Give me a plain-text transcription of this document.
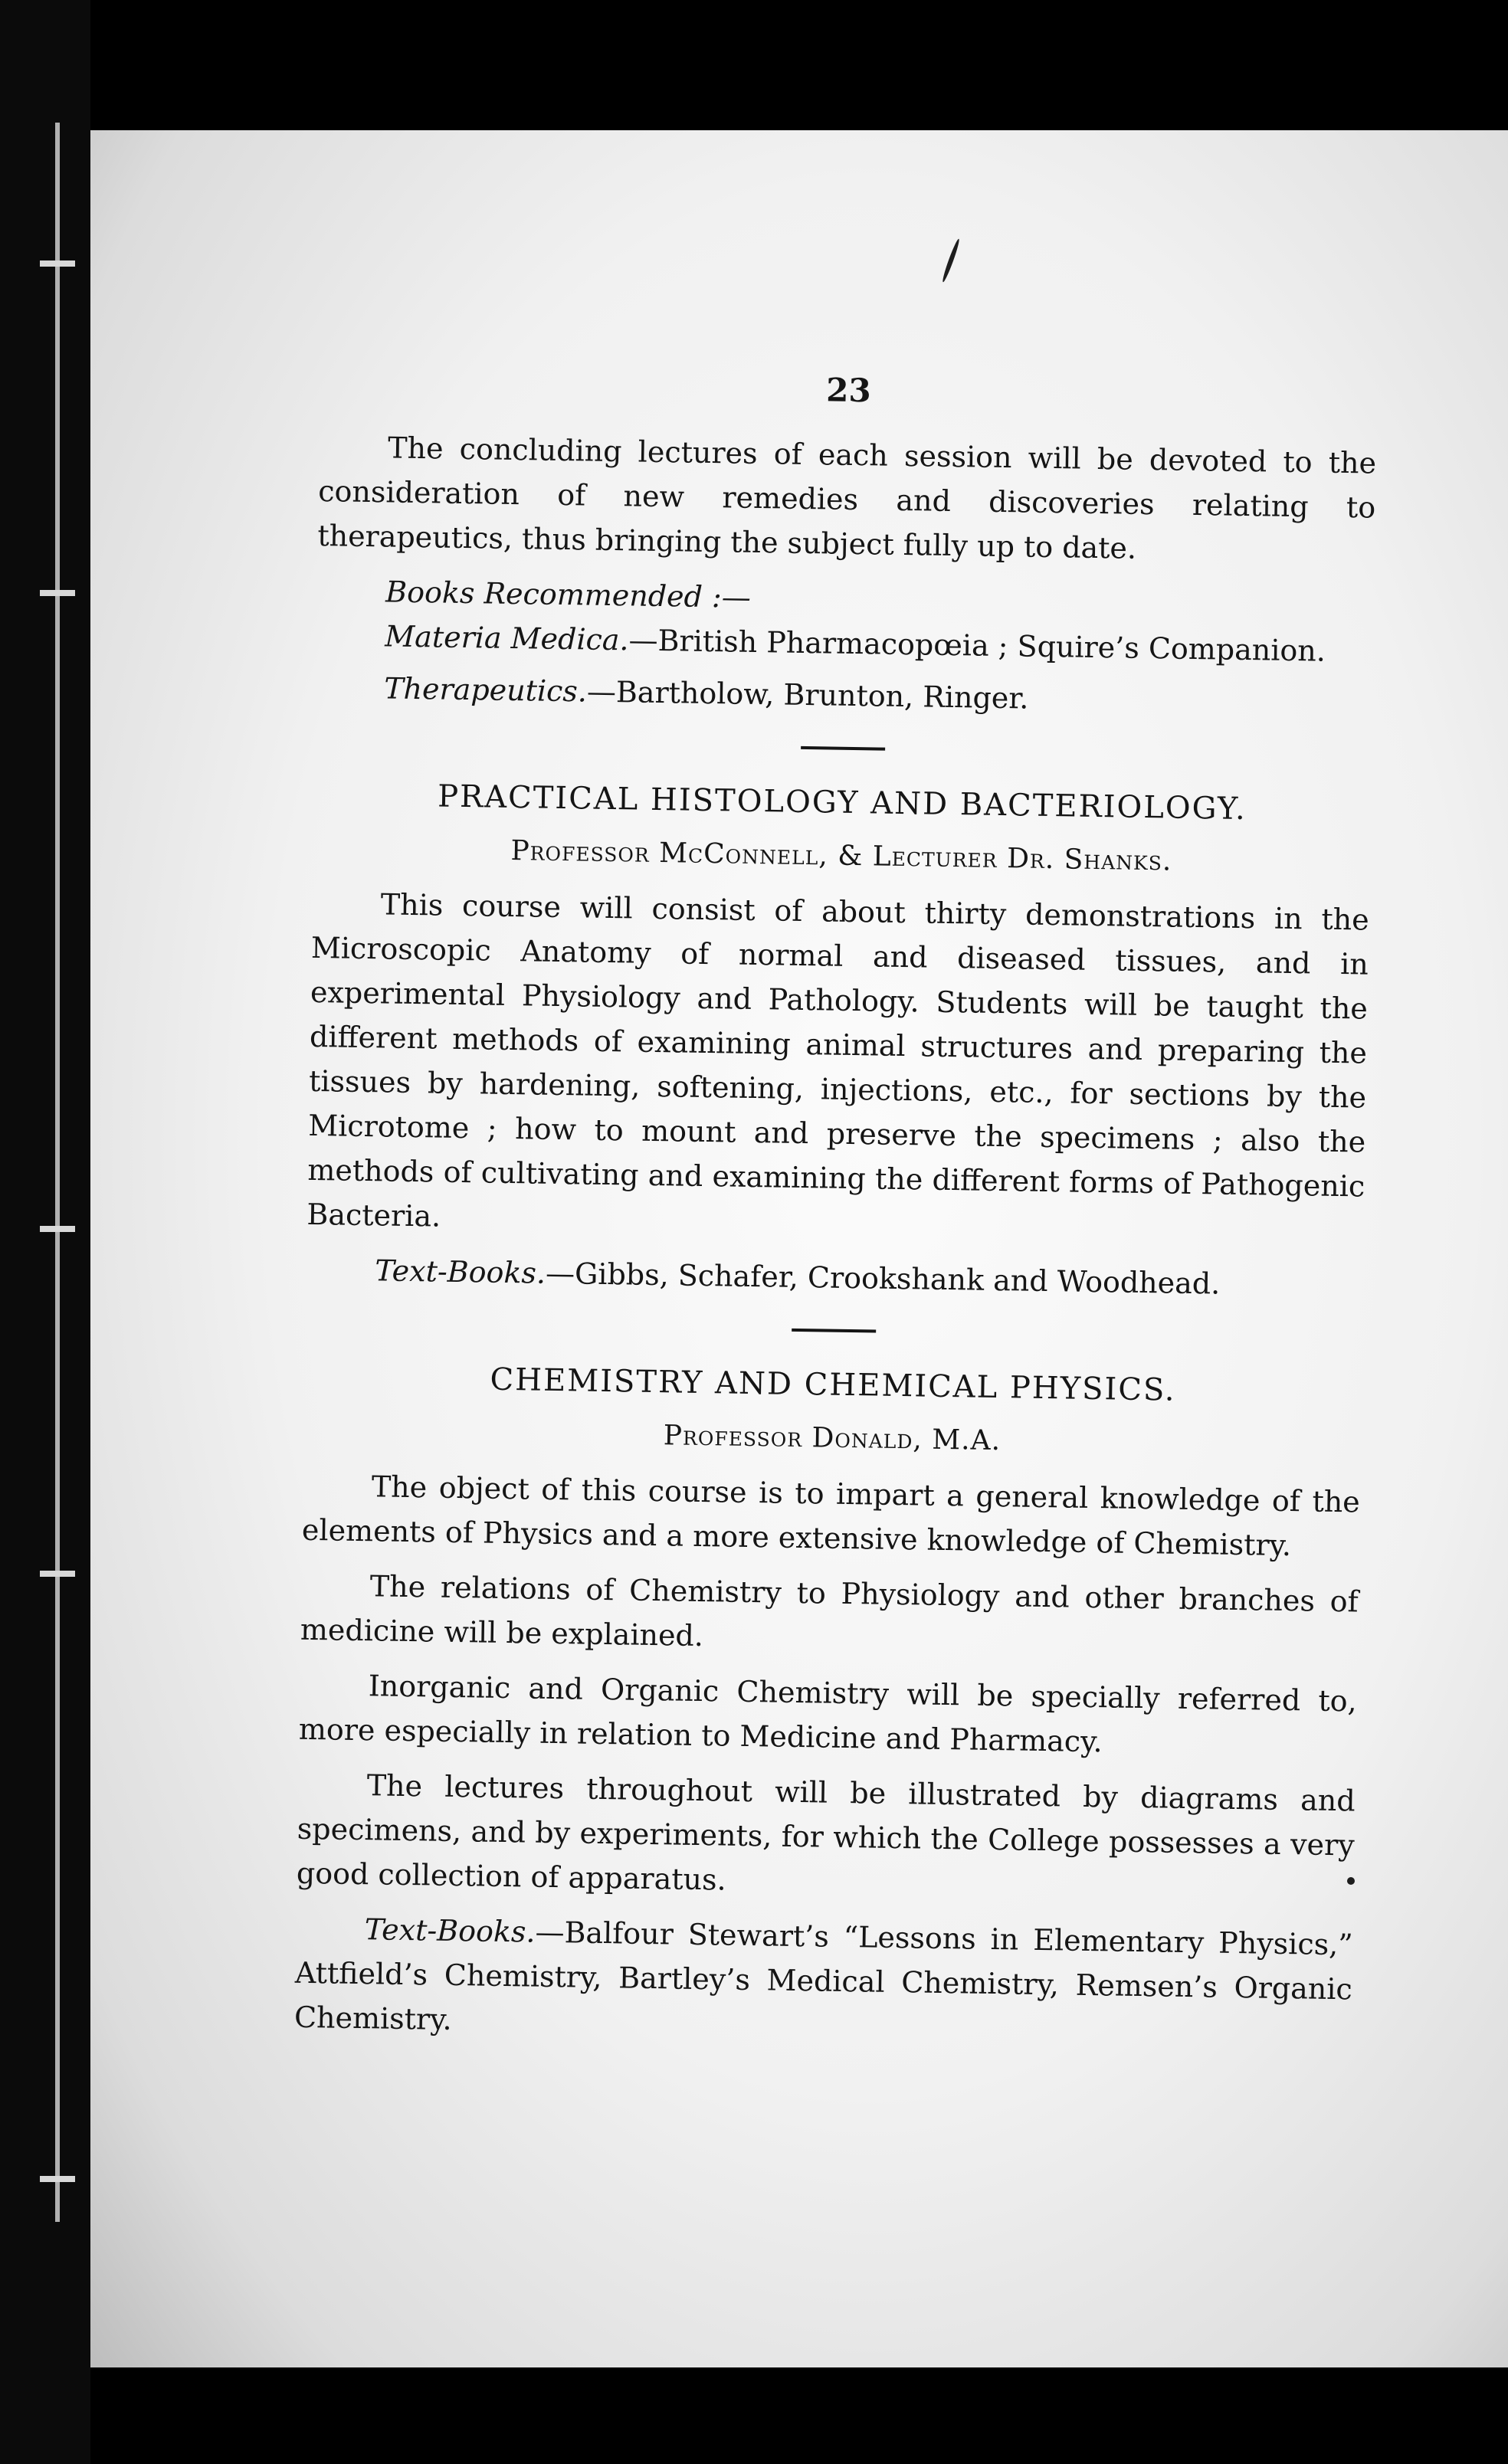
23

The concluding lectures of each session will be devoted to the consideration of new remedies and discoveries relating to therapeutics, thus bringing the subject fully up to date.

Books Recommended :—
Materia Medica.—British Pharmacopœia ; Squire’s Companion.
Therapeutics.—Bartholow, Brunton, Ringer.
PRACTICAL HISTOLOGY AND BACTERIOLOGY.
Professor McConnell, & Lecturer Dr. Shanks.

This course will consist of about thirty demonstrations in the Microscopic Anatomy of normal and diseased tissues, and in experimental Physiology and Pathology. Students will be taught the different methods of examining animal structures and preparing the tissues by hardening, softening, injections, etc., for sections by the Microtome ; how to mount and preserve the specimens ; also the methods of cultivating and examining the different forms of Pathogenic Bacteria.

Text-Books.—Gibbs, Schafer, Crookshank and Woodhead.

CHEMISTRY AND CHEMICAL PHYSICS.
Professor Donald, M.A.

The object of this course is to impart a general knowledge of the elements of Physics and a more extensive knowledge of Chemistry.

The relations of Chemistry to Physiology and other branches of medicine will be explained.

Inorganic and Organic Chemistry will be specially referred to, more especially in relation to Medicine and Pharmacy.

The lectures throughout will be illustrated by diagrams and specimens, and by experiments, for which the College possesses a very good collection of apparatus.

Text-Books.—Balfour Stewart’s “Lessons in Elementary Physics,” Attfield’s Chemistry, Bartley’s Medical Chemistry, Remsen’s Organic Chemistry.
